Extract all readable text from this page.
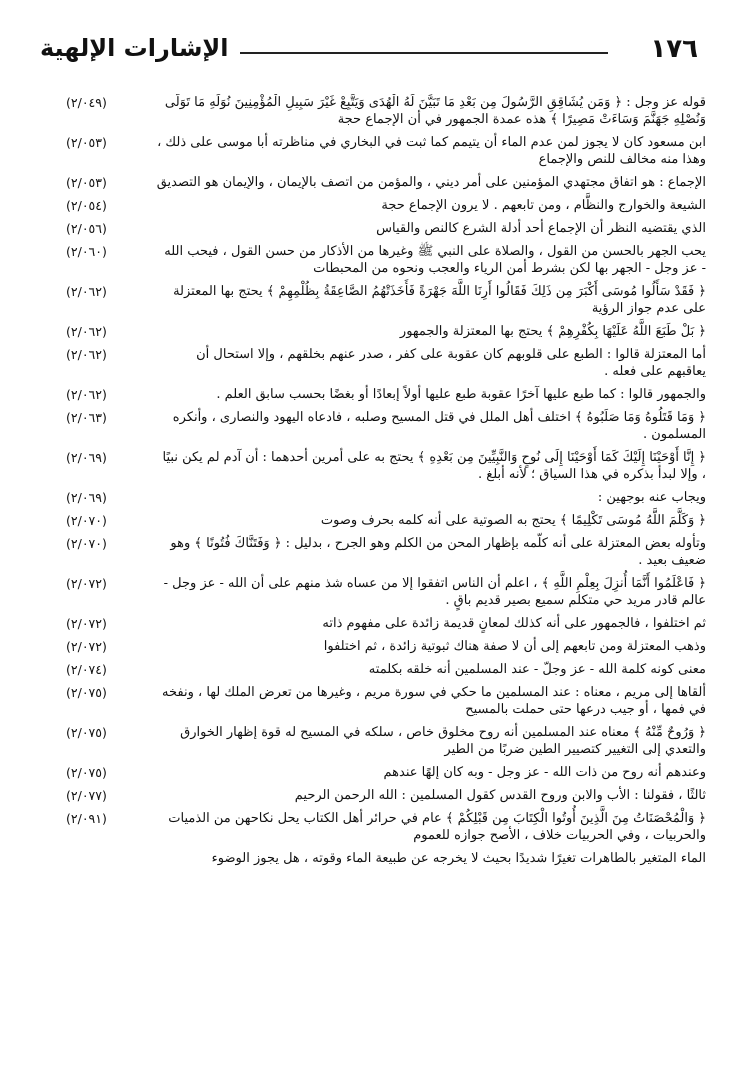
١٧٦
الإشارات الإلهية
قوله عز وجل : ﴿ وَمَن يُشَاقِقِ الرَّسُولَ مِن بَعْدِ مَا تَبَيَّنَ لَهُ الْهُدَى وَيَتَّبِعْ غَيْرَ سَبِيلِ الْمُؤْمِنِينَ نُوَلِّهِ مَا تَوَلَّى وَنُصْلِهِ جَهَنَّمَ وَسَاءَتْ مَصِيرًا ﴾ هذه عمدة الجمهور في أن الإجماع حجة
(٢/٠٤٩)
ابن مسعود كان لا يجوز لمن عدم الماء أن يتيمم كما ثبت في البخاري في مناظرته أبا موسى على ذلك ، وهذا منه مخالف للنص والإجماع
(٢/٠٥٣)
الإجماع : هو اتفاق مجتهدي المؤمنين على أمر ديني ، والمؤمن من اتصف بالإيمان ، والإيمان هو التصديق
(٢/٠٥٣)
الشيعة والخوارج والنظَّام ، ومن تابعهم . لا يرون الإجماع حجة
(٢/٠٥٤)
الذي يقتضيه النظر أن الإجماع أحد أدلة الشرع كالنص والقياس
(٢/٠٥٦)
يحب الجهر بالحسن من القول ، والصلاة على النبي ﷺ وغيرها من الأذكار من حسن القول ، فيحب الله - عز وجل - الجهر بها لكن بشرط أمن الرياء والعجب ونحوه من المحبطات
(٢/٠٦٠)
﴿ فَقَدْ سَأَلُوا مُوسَى أَكْبَرَ مِن ذَلِكَ فَقَالُوا أَرِنَا اللَّهَ جَهْرَةً فَأَخَذَتْهُمُ الصَّاعِقَةُ بِظُلْمِهِمْ ﴾ يحتج بها المعتزلة على عدم جواز الرؤية
(٢/٠٦٢)
﴿ بَلْ طَبَعَ اللَّهُ عَلَيْهَا بِكُفْرِهِمْ ﴾ يحتج بها المعتزلة والجمهور
(٢/٠٦٢)
أما المعتزلة قالوا : الطبع على قلوبهم كان عقوبة على كفر ، صدر عنهم بخلقهم ، وإلا استحال أن يعاقبهم على فعله .
(٢/٠٦٢)
والجمهور قالوا : كما طبع عليها آخرًا عقوبة طبع عليها أولاً إبعادًا أو بغضًا بحسب سابق العلم .
(٢/٠٦٢)
﴿ وَمَا قَتَلُوهُ وَمَا صَلَبُوهُ ﴾ اختلف أهل الملل في قتل المسيح وصلبه ، فادعاه اليهود والنصارى ، وأنكره المسلمون .
(٢/٠٦٣)
﴿ إِنَّا أَوْحَيْنَا إِلَيْكَ كَمَا أَوْحَيْنَا إِلَى نُوحٍ وَالنَّبِيِّينَ مِن بَعْدِهِ ﴾ يحتج به على أمرين أحدهما : أن آدم لم يكن نبيًا ، وإلا لبدأ بذكره في هذا السياق ؛ لأنه أبلغ .
(٢/٠٦٩)
ويجاب عنه بوجهين :
(٢/٠٦٩)
﴿ وَكَلَّمَ اللَّهُ مُوسَى تَكْلِيمًا ﴾ يحتج به الصوتية على أنه كلمه بحرف وصوت
(٢/٠٧٠)
وتأوله بعض المعتزلة على أنه كلّمه بإظهار المحن من الكلم وهو الجرح ، بدليل : ﴿ وَفَتَنَّاكَ فُتُونًا ﴾ وهو ضعيف بعيد .
(٢/٠٧٠)
﴿ فَاعْلَمُوا أَنَّمَا أُنزِلَ بِعِلْمِ اللَّهِ ﴾ ، اعلم أن الناس اتفقوا إلا من عساه شذ منهم على أن الله - عز وجل - عالم قادر مريد حي متكلم سميع بصير قديم باقٍ .
(٢/٠٧٢)
ثم اختلفوا ، فالجمهور على أنه كذلك لمعانٍ قديمة زائدة على مفهوم ذاته
(٢/٠٧٢)
وذهب المعتزلة ومن تابعهم إلى أن لا صفة هناك ثبوتية زائدة ، ثم اختلفوا
(٢/٠٧٢)
معنى كونه كلمة الله - عز وجلّ - عند المسلمين أنه خلقه بكلمته
(٢/٠٧٤)
ألقاها إلى مريم ، معناه : عند المسلمين ما حكي في سورة مريم ، وغيرها من تعرض الملك لها ، ونفخه في فمها ، أو جيب درعها حتى حملت بالمسيح
(٢/٠٧٥)
﴿ وَرُوحٌ مِّنْهُ ﴾ معناه عند المسلمين أنه روح مخلوق خاص ، سلكه في المسيح له قوة إظهار الخوارق والتعدي إلى التغيير كتصيير الطين ضربًا من الطير
(٢/٠٧٥)
وعندهم أنه روح من ذات الله - عز وجل - وبه كان إلهًا عندهم
(٢/٠٧٥)
ثالثًا ، فقولنا : الأب والابن وروح القدس كقول المسلمين : الله الرحمن الرحيم
(٢/٠٧٧)
﴿ وَالْمُحْصَنَاتُ مِنَ الَّذِينَ أُوتُوا الْكِتَابَ مِن قَبْلِكُمْ ﴾ عام في حرائر أهل الكتاب يحل نكاحهن من الذميات والحربيات ، وفي الحربيات خلاف ، الأصح جوازه للعموم
(٢/٠٩١)
الماء المتغير بالطاهرات تغيرًا شديدًا بحيث لا يخرجه عن طبيعة الماء وقوته ، هل يجوز الوضوء
